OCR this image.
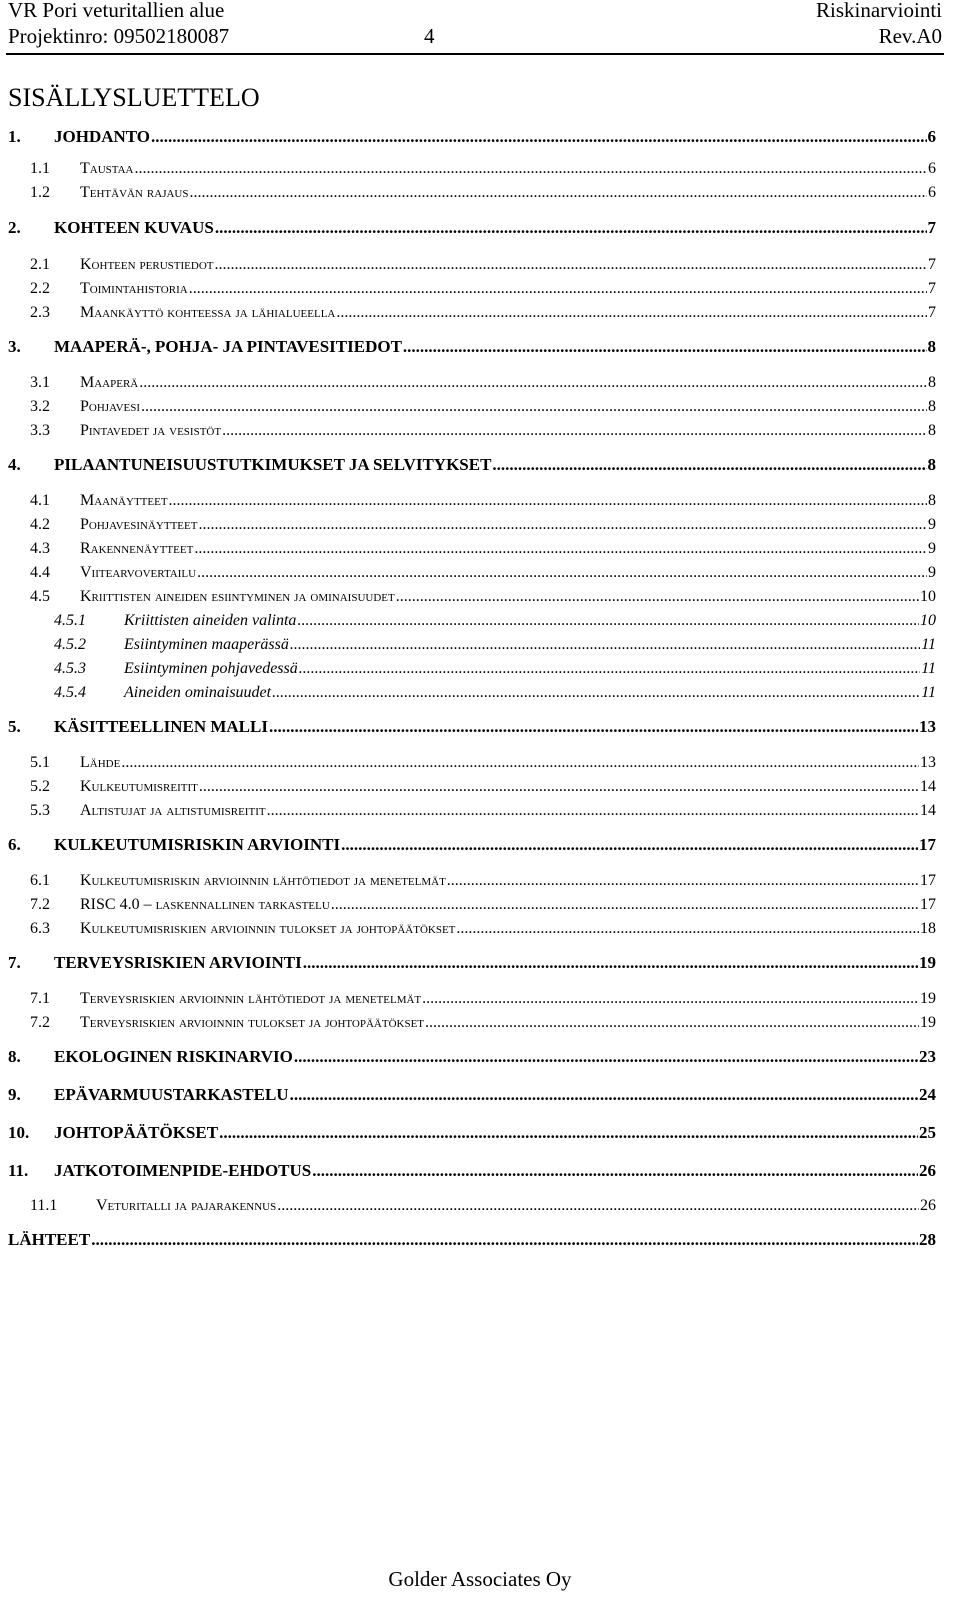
VR Pori veturitallien alue	Riskinarviointi
Projektinro: 09502180087	4	Rev.A0
SISÄLLYSLUETTELO
1.	JOHDANTO .....	6
1.1	Taustaa .....	6
1.2	Tehtävän rajaus .....	6
2.	KOHTEEN KUVAUS .....	7
2.1	Kohteen perustiedot .....	7
2.2	Toimintahistoria .....	7
2.3	Maankäyttö kohteessa ja lähialueella .....	7
3.	MAAPERÄ-, POHJA- JA PINTAVESITIEDOT .....	8
3.1	Maaperä .....	8
3.2	Pohjavesi .....	8
3.3	Pintavedet ja vesistöt .....	8
4.	PILAANTUNEISUUSTUTKIMUKSET JA SELVITYKSET .....	8
4.1	Maanäytteet .....	8
4.2	Pohjavesinäytteet .....	9
4.3	Rakennenäytteet .....	9
4.4	Viitearvovertailu .....	9
4.5	Kriittisten aineiden esiintyminen ja ominaisuudet .....	10
4.5.1	Kriittisten aineiden valinta .....	10
4.5.2	Esiintyminen maaperässä .....	11
4.5.3	Esiintyminen pohjavedessä .....	11
4.5.4	Aineiden ominaisuudet .....	11
5.	KÄSITTEELLINEN MALLI .....	13
5.1	Lähde .....	13
5.2	Kulkeutumisreitit .....	14
5.3	Altistujat ja altistumisreitit .....	14
6.	KULKEUTUMISRISKIN ARVIOINTI .....	17
6.1	Kulkeutumisriskin arvioinnin lähtötiedot ja menetelmät .....	17
7.2	RISC 4.0 – laskennallinen tarkastelu .....	17
6.3	Kulkeutumisriskien arvioinnin tulokset ja johtopäätökset .....	18
7.	TERVEYSRISKIEN ARVIOINTI .....	19
7.1	Terveysriskien arvioinnin lähtötiedot ja menetelmät .....	19
7.2	Terveysriskien arvioinnin tulokset ja johtopäätökset .....	19
8.	EKOLOGINEN RISKINARVIO .....	23
9.	EPÄVARMUUSTARKASTELU .....	24
10.	JOHTOPÄÄTÖKSET .....	25
11.	JATKOTOIMENPIDE-EHDOTUS .....	26
11.1	Veturitalli ja pajarakennus .....	26
LÄHTEET .....	28
Golder Associates Oy
